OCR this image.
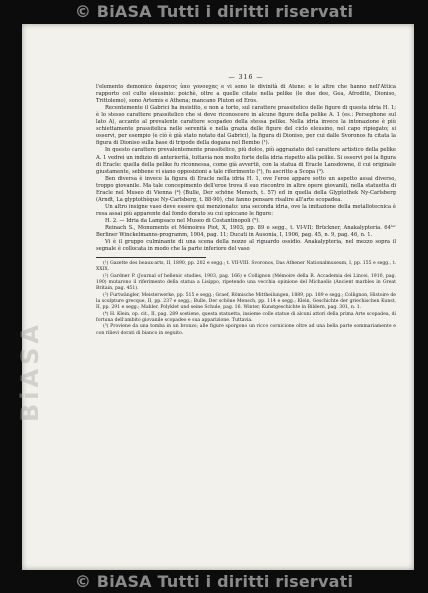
© BiASA Tutti i diritti riservati
BiASA
— 316 —

l'elemento demonico ἀκρατος ὑπο γονουχας e vi sono le divinità di Atene: e le altre che hanno nell'Attica rapporto col culto eleusinio: poichè, oltre a quelle citate nella pelike (le due dee, Gea, Afrodite, Dioniso, Trittolemo), sono Artemis e Athena; mancano Pluton ed Eros.

Recentemente il Gabrici ha insistito, e non a torto, sul carattere prassitelico delle figure di questa idria H. 1; è lo stesso carattere prassitelico che si deve riconoscere in alcune figure della pelike A. 1 (es.: Persephone sul lato A), accanto al prevalente carattere scopadeo della stessa pelike. Nella idria invece la intonazione è più schiettamente prassitelica nelle serenità e nella grazia delle figure del ciclo eleusino, nel capo ripiegato; si osservi, per esempio (e ciò è già stato notato dal Gabrici), la figura di Dioniso, per cui dalle Svoronos fu citata la figura di Dioniso sulla base di tripode della dogana nel Bembo (¹).

In questo carattere prevalentemente prassitelico, più dolce, più aggraziato del carattere artistico della pelike A. 1 vedrei un indizio di anteriorità, tuttavia non molto forte della idria rispetto alla pelike. Si osservi poi la figura di Eracle: quella della pelike fu riconnessa, come già avvertii, con la statua di Eracle Lansdowne, il cui originale giustamente, sebbene vi siano opposizioni a tale riferimento (²), fu ascritto a Scopa (³).

Ben diversa è invece la figura di Eracle nella idria H. 1, ove l'eroe appare sotto un aspetto assai diverso, troppo giovanile. Ma tale concepimento dell'eroe trova il suo riscontro in altre opere giovanili, nella statuetta di Eracle nel Museo di Vienna (⁴) (Bulle, Der schöne Mensch, t. 57) ed in quella della Glyptothek Ny-Carlsberg (Arndt, La glyptothèque Ny-Carlsberg, t. 88-90), che fanno pensare risalire all'arte scopadea.

Un altro insigne vaso deve essere qui menzionato: una seconda idria, ove la imitazione della metallotecnica è resa assai più apparente dal fondo dorato su cui spiccano le figure:

H. 2. — Idria da Lampsaco nel Museo di Costantinopoli (⁵).

Reinach S., Monuments et Mémoires Piot, X, 1903, pp. 89 e segg., t. VI-VII; Brückner, Anakalypteria. 64ᵗᵉʳ Berliner Winckelmanns-programm, 1904, pag. 11; Ducati in Ausonia, I, 1906, pag. 45, n. 9, pag. 46, n. 1.

Vi è il gruppo culminante di una scena della nozze al riguardo ossidio. Anakalypteria, nel mezzo sopra il segnale è collocata in modo che la parte inferiore del vaso

(¹) Gazette des beaux-arts, II, 1890, pp. 202 e segg.; t. VII-VIII. Svoronos, Das Athener Nationalmuseum, I, pp. 155 e segg., t. XXIX.

(²) Gardner P. (Journal of hellenic studies, 1903, pag. 166) e Collignon (Mémoire della R. Accademia dei Lincei, 1910, pag. 190) mutarono il riferimento della statua a Lisippo, ripetendo una vecchia opinione del Michaelis (Ancient marbles in Great Britain, pag. 451).

(³) Furtwängler, Meisterwerke, pp. 515 e segg.; Graef, Römische Mittheilungen, 1889, pp. 189 e segg.; Collignon, Histoire de la sculpture grecque, II, pp. 237 e segg.; Bulle, Der schöne Mensch, pp. 114 e segg.; Klein, Geschichte der griechischen Kunst, II, pp. 291 e segg.; Mahler, Polyklet und seine Schule, pag. 16. Winter, Kunstgeschichte in Bildern, pag. 301, n. 1.

(⁴) H. Klein, op. cit., II, pag. 289 sostiene, questa statuetta, insieme colle statue di alcuni attori della prima Arte scopadea, di fortuna dell'ambito giovanile scopadeo e sua apparizione. Tuttavia.

(⁵) Proviene da una tomba in un bronzo; alle figure sporgono un ricco cornicione oltre ad una bella parte sommariamente e con rilievi dorati di bianco in seguito.

© BiASA Tutti i diritti riservati
